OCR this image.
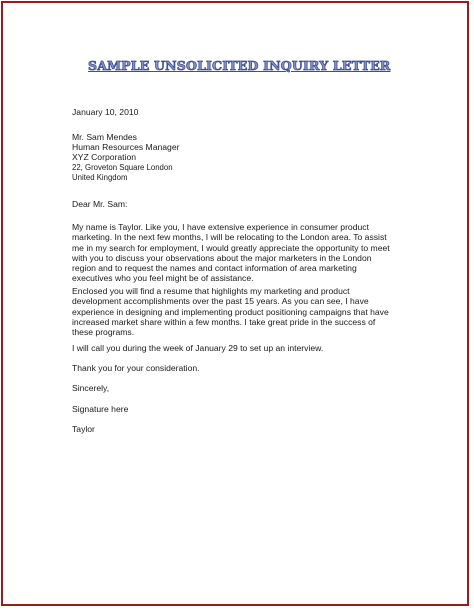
SAMPLE UNSOLICITED INQUIRY LETTER
January 10, 2010
Mr. Sam Mendes
Human Resources Manager
XYZ Corporation
22, Groveton Square London
United Kingdom
Dear Mr. Sam:
My name is Taylor. Like you, I have extensive experience in consumer product
marketing. In the next few months, I will be relocating to the London area. To assist
me in my search for employment, I would greatly appreciate the opportunity to meet
with you to discuss your observations about the major marketers in the London
region and to request the names and contact information of area marketing
executives who you feel might be of assistance.
Enclosed you will find a resume that highlights my marketing and product
development accomplishments over the past 15 years. As you can see, I have
experience in designing and implementing product positioning campaigns that have
increased market share within a few months. I take great pride in the success of
these programs.
I will call you during the week of January 29 to set up an interview.
Thank you for your consideration.
Sincerely,
Signature here
Taylor
